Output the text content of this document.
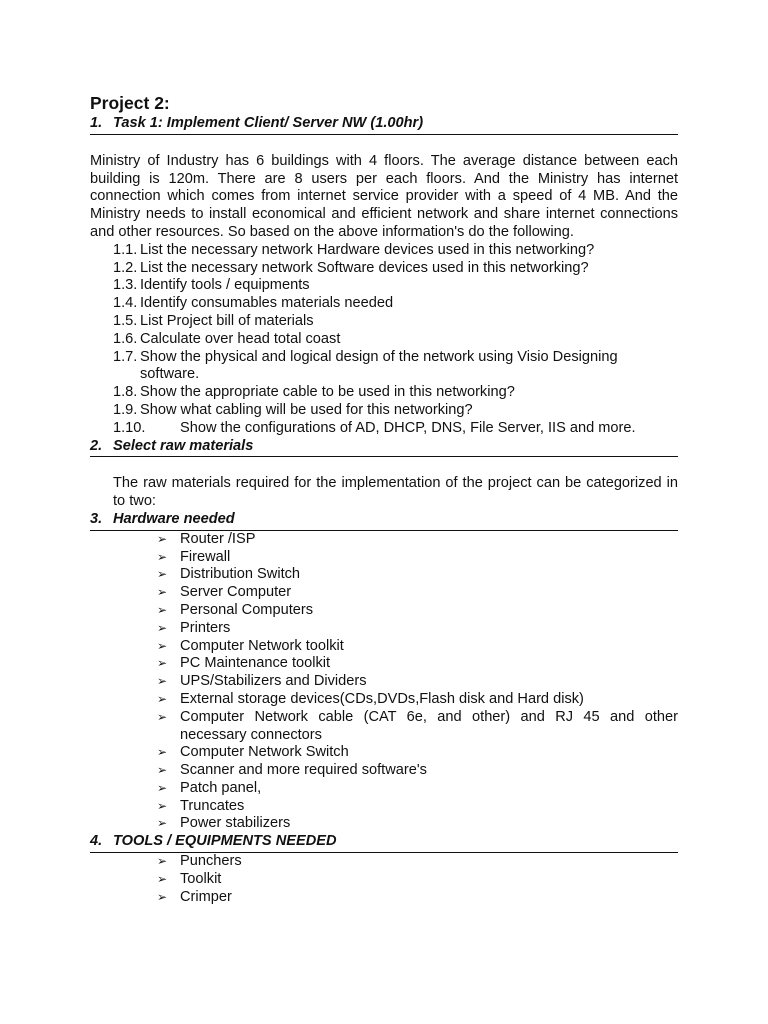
Project 2:

1. Task 1: Implement Client/ Server NW (1.00hr)

Ministry of Industry has 6 buildings with 4 floors. The average distance between each building is 120m. There are 8 users per each floors. And the Ministry has internet connection which comes from internet service provider with a speed of 4 MB. And the Ministry needs to install economical and efficient network and share internet connections and other resources. So based on the above information's do the following.

1.1. List the necessary network Hardware devices used in this networking?
1.2. List the necessary network Software devices used in this networking?
1.3. Identify tools / equipments
1.4. Identify consumables materials needed
1.5. List Project bill of materials
1.6. Calculate over head total coast
1.7. Show the physical and logical design of the network using Visio Designing software.
1.8. Show the appropriate cable to be used in this networking?
1.9. Show what cabling will be used for this networking?
1.10.	Show the configurations of AD, DHCP, DNS, File Server, IIS and more.
2. Select raw materials

The raw materials required for the implementation of the project can be categorized in to two:

3. Hardware needed
➢ Router /ISP
➢ Firewall
➢ Distribution Switch
➢ Server Computer
➢ Personal Computers
➢ Printers
➢ Computer Network toolkit
➢ PC Maintenance toolkit
➢ UPS/Stabilizers and Dividers
➢ External storage devices(CDs,DVDs,Flash disk and Hard disk)
➢ Computer Network cable (CAT 6e, and other) and RJ 45 and other necessary connectors
➢ Computer Network Switch
➢ Scanner and more required software's
➢ Patch panel,
➢ Truncates
➢ Power stabilizers
4. TOOLS / EQUIPMENTS NEEDED
➢ Punchers
➢ Toolkit
➢ Crimper
